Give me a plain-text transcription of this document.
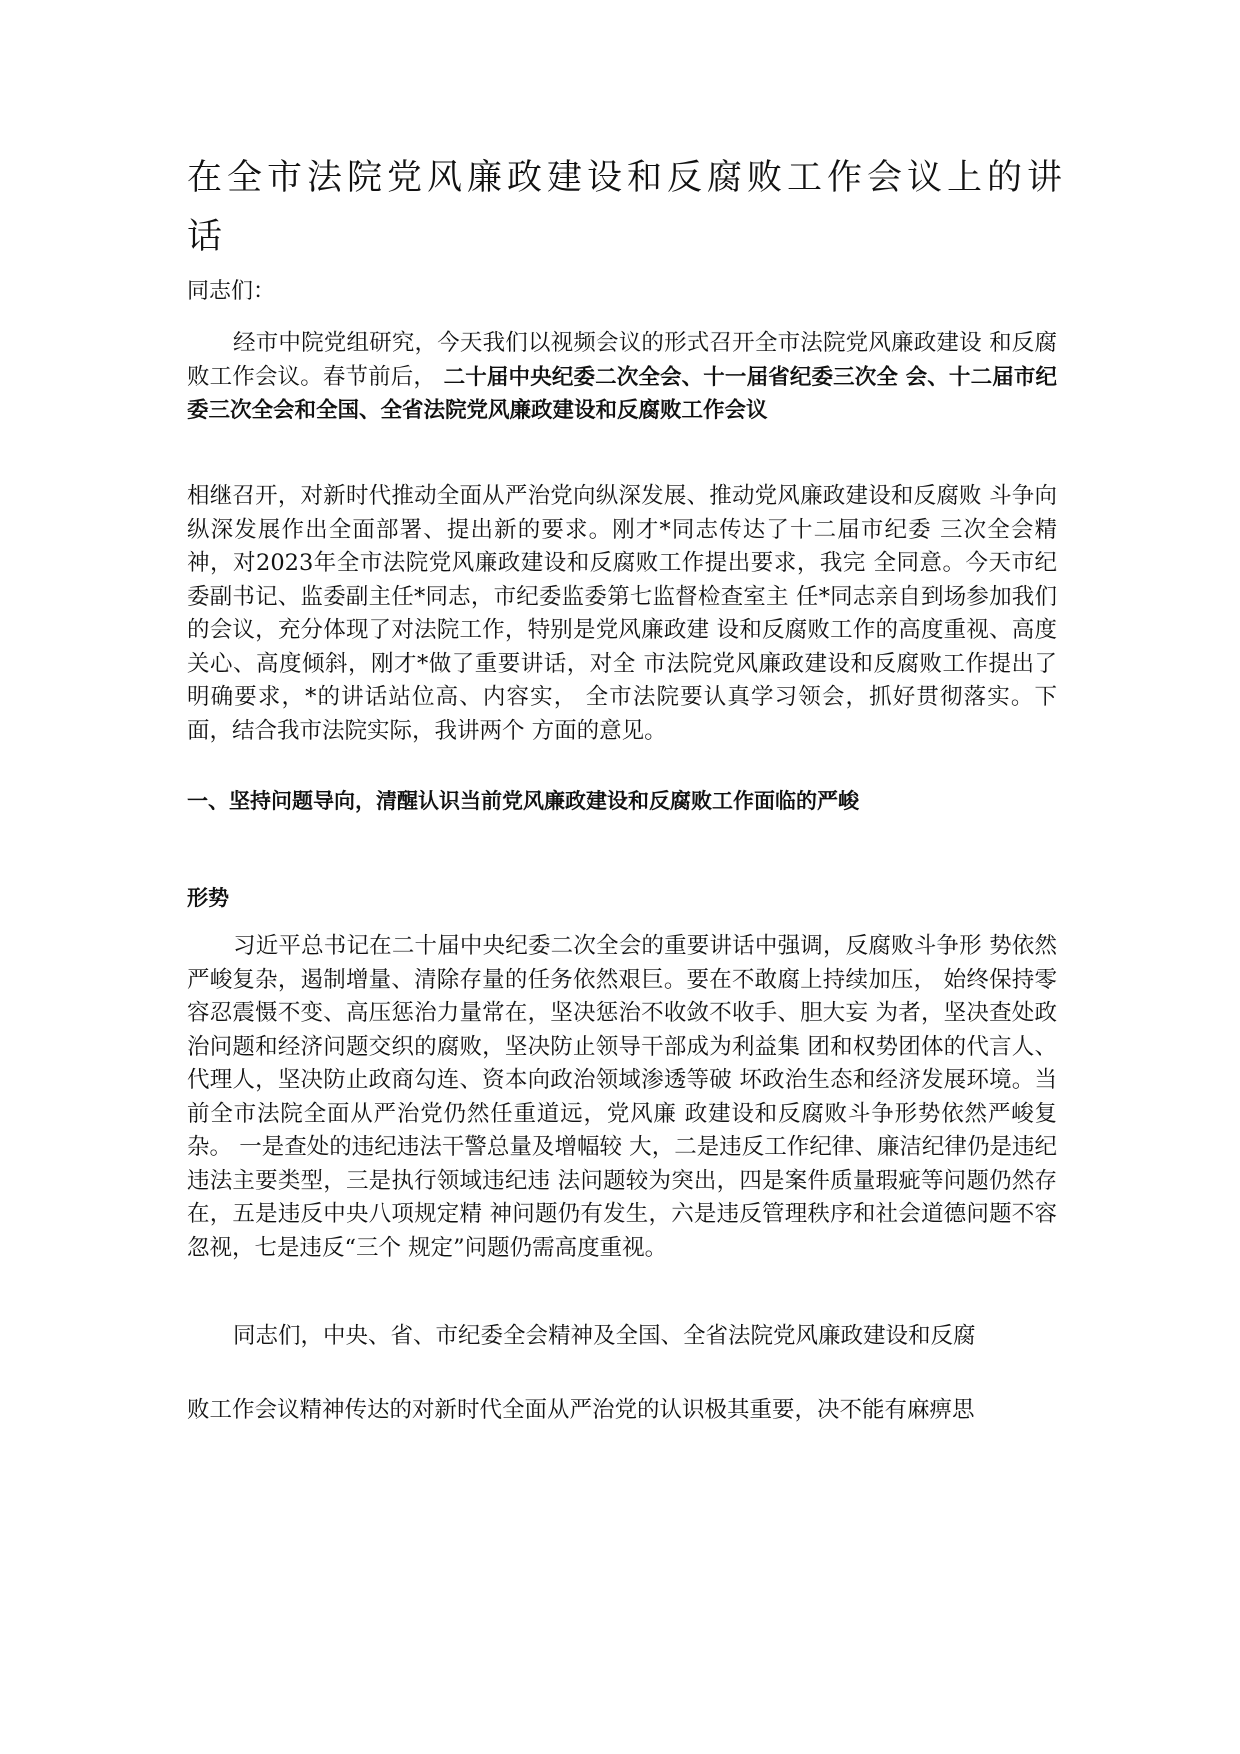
在全市法院党风廉政建设和反腐败工作会议上的讲
话

同志们：

经市中院党组研究，今天我们以视频会议的形式召开全市法院党风廉政建设 和反腐败工作会议。春节前后， 二十届中央纪委二次全会、十一届省纪委三次全 会、十二届市纪委三次全会和全国、全省法院党风廉政建设和反腐败工作会议

相继召开，对新时代推动全面从严治党向纵深发展、推动党风廉政建设和反腐败 斗争向纵深发展作出全面部署、提出新的要求。刚才*同志传达了十二届市纪委 三次全会精神，对2023年全市法院党风廉政建设和反腐败工作提出要求，我完 全同意。今天市纪委副书记、监委副主任*同志，市纪委监委第七监督检查室主 任*同志亲自到场参加我们的会议，充分体现了对法院工作，特别是党风廉政建 设和反腐败工作的高度重视、高度关心、高度倾斜，刚才*做了重要讲话，对全 市法院党风廉政建设和反腐败工作提出了明确要求，*的讲话站位高、内容实， 全市法院要认真学习领会，抓好贯彻落实。下面，结合我市法院实际，我讲两个 方面的意见。

一、坚持问题导向，清醒认识当前党风廉政建设和反腐败工作面临的严峻
形势

习近平总书记在二十届中央纪委二次全会的重要讲话中强调，反腐败斗争形 势依然严峻复杂，遏制增量、清除存量的任务依然艰巨。要在不敢腐上持续加压， 始终保持零容忍震慑不变、高压惩治力量常在，坚决惩治不收敛不收手、胆大妄 为者，坚决查处政治问题和经济问题交织的腐败，坚决防止领导干部成为利益集 团和权势团体的代言人、代理人，坚决防止政商勾连、资本向政治领域渗透等破 坏政治生态和经济发展环境。当前全市法院全面从严治党仍然任重道远，党风廉 政建设和反腐败斗争形势依然严峻复杂。 一是查处的违纪违法干警总量及增幅较 大，二是违反工作纪律、廉洁纪律仍是违纪违法主要类型，三是执行领域违纪违 法问题较为突出，四是案件质量瑕疵等问题仍然存在，五是违反中央八项规定精 神问题仍有发生，六是违反管理秩序和社会道德问题不容忽视，七是违反“三个 规定”问题仍需高度重视。

同志们，中央、省、市纪委全会精神及全国、全省法院党风廉政建设和反腐

败工作会议精神传达的对新时代全面从严治党的认识极其重要，决不能有麻痹思
